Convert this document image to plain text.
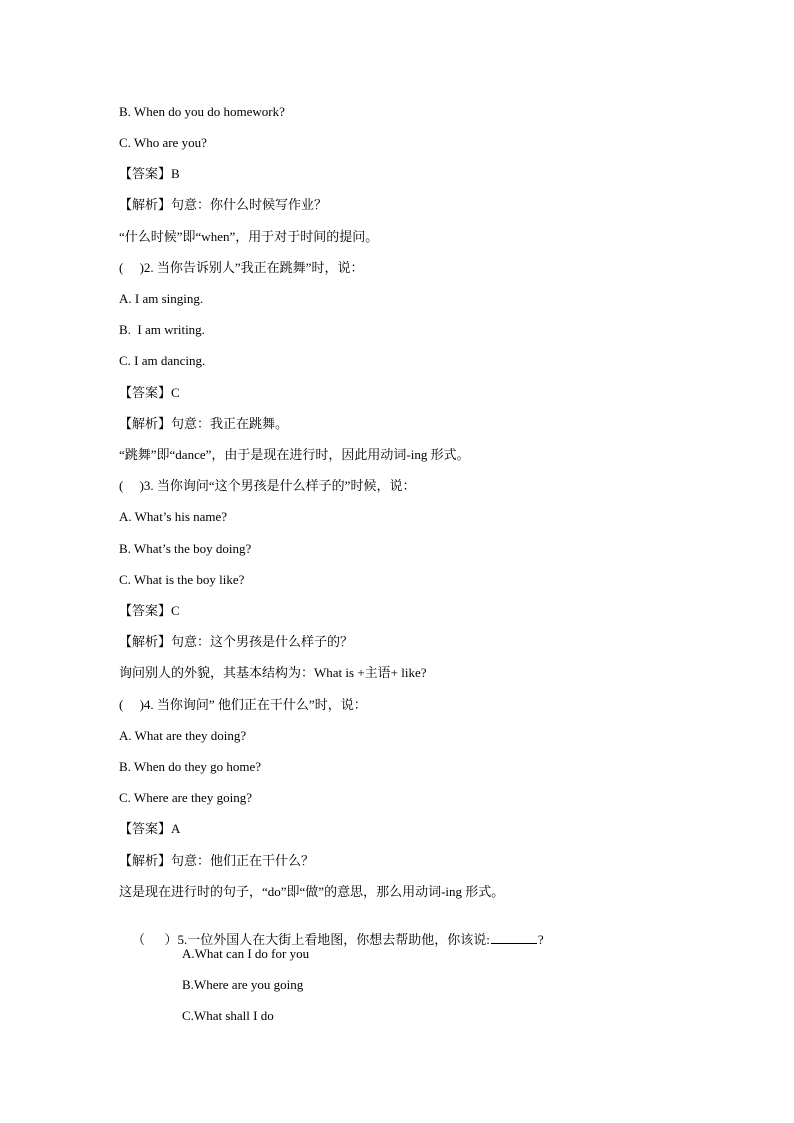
B. When do you do homework?
C. Who are you?
【答案】B
【解析】句意：你什么时候写作业？
“什么时候”即“when”，用于对于时间的提问。
(     )2. 当你告诉别人”我正在跳舞”时，说：
A. I am singing.
B.  I am writing.
C. I am dancing.
【答案】C
【解析】句意：我正在跳舞。
“跳舞”即“dance”，由于是现在进行时，因此用动词-ing 形式。
(     )3. 当你询问“这个男孩是什么样子的”时候，说：
A. What’s his name?
B. What’s the boy doing?
C. What is the boy like?
【答案】C
【解析】句意：这个男孩是什么样子的？
询问别人的外貌，其基本结构为：What is +主语+ like?
(     )4. 当你询问” 他们正在干什么”时，说：
A. What are they doing?
B. When do they go home?
C. Where are they going?
【答案】A
【解析】句意：他们正在干什么？
这是现在进行时的句子，“do”即“做”的意思，那么用动词-ing 形式。

（      ）5.一位外国人在大街上看地图，你想去帮助他，你该说:	?

A.What can I do for you
B.Where are you going
C.What shall I do
